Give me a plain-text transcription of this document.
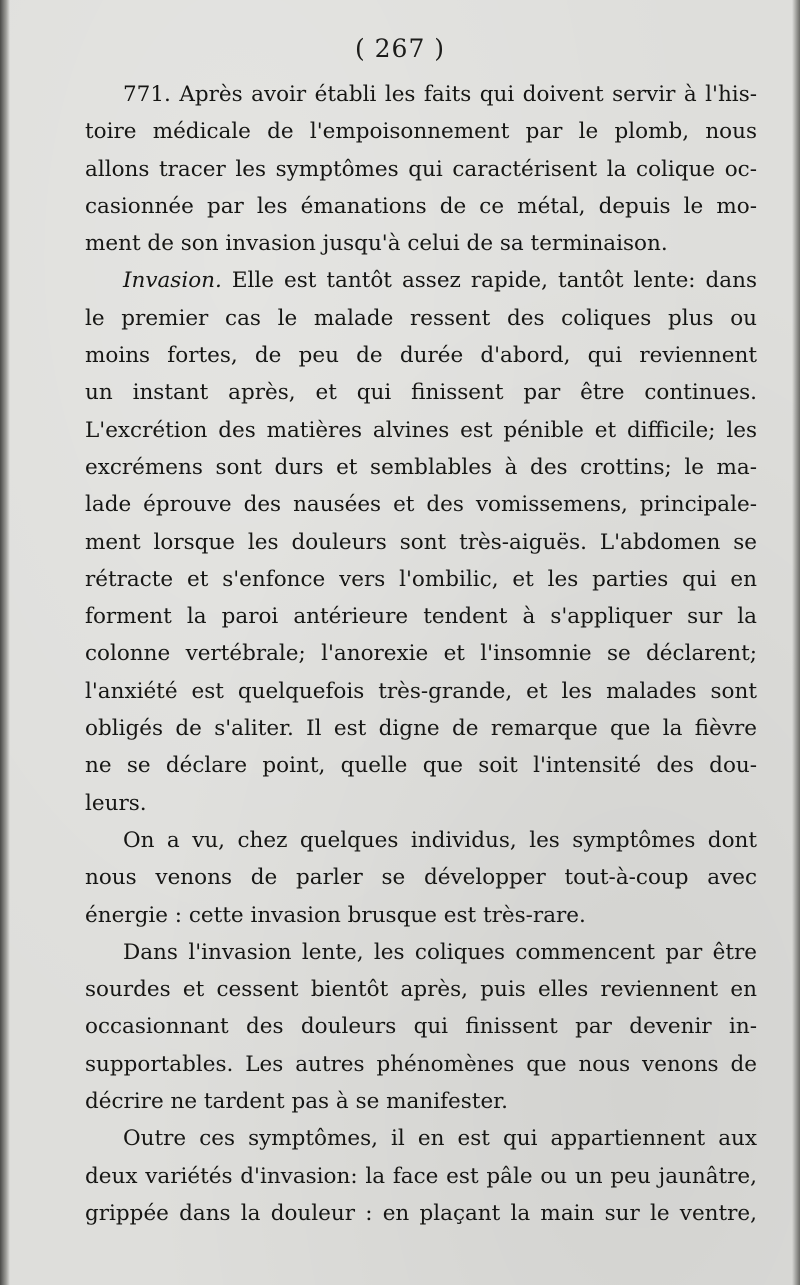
( 267 )
771. Après avoir établi les faits qui doivent servir à l'his-
toire médicale de l'empoisonnement par le plomb, nous
allons tracer les symptômes qui caractérisent la colique oc-
casionnée par les émanations de ce métal, depuis le mo-
ment de son invasion jusqu'à celui de sa terminaison.
Invasion. Elle est tantôt assez rapide, tantôt lente: dans
le premier cas le malade ressent des coliques plus ou
moins fortes, de peu de durée d'abord, qui reviennent
un instant après, et qui finissent par être continues.
L'excrétion des matières alvines est pénible et difficile; les
excrémens sont durs et semblables à des crottins; le ma-
lade éprouve des nausées et des vomissemens, principale-
ment lorsque les douleurs sont très-aiguës. L'abdomen se
rétracte et s'enfonce vers l'ombilic, et les parties qui en
forment la paroi antérieure tendent à s'appliquer sur la
colonne vertébrale; l'anorexie et l'insomnie se déclarent;
l'anxiété est quelquefois très-grande, et les malades sont
obligés de s'aliter. Il est digne de remarque que la fièvre
ne se déclare point, quelle que soit l'intensité des dou-
leurs.
On a vu, chez quelques individus, les symptômes dont
nous venons de parler se développer tout-à-coup avec
énergie : cette invasion brusque est très-rare.
Dans l'invasion lente, les coliques commencent par être
sourdes et cessent bientôt après, puis elles reviennent en
occasionnant des douleurs qui finissent par devenir in-
supportables. Les autres phénomènes que nous venons de
décrire ne tardent pas à se manifester.
Outre ces symptômes, il en est qui appartiennent aux
deux variétés d'invasion: la face est pâle ou un peu jaunâtre,
grippée dans la douleur : en plaçant la main sur le ventre,
